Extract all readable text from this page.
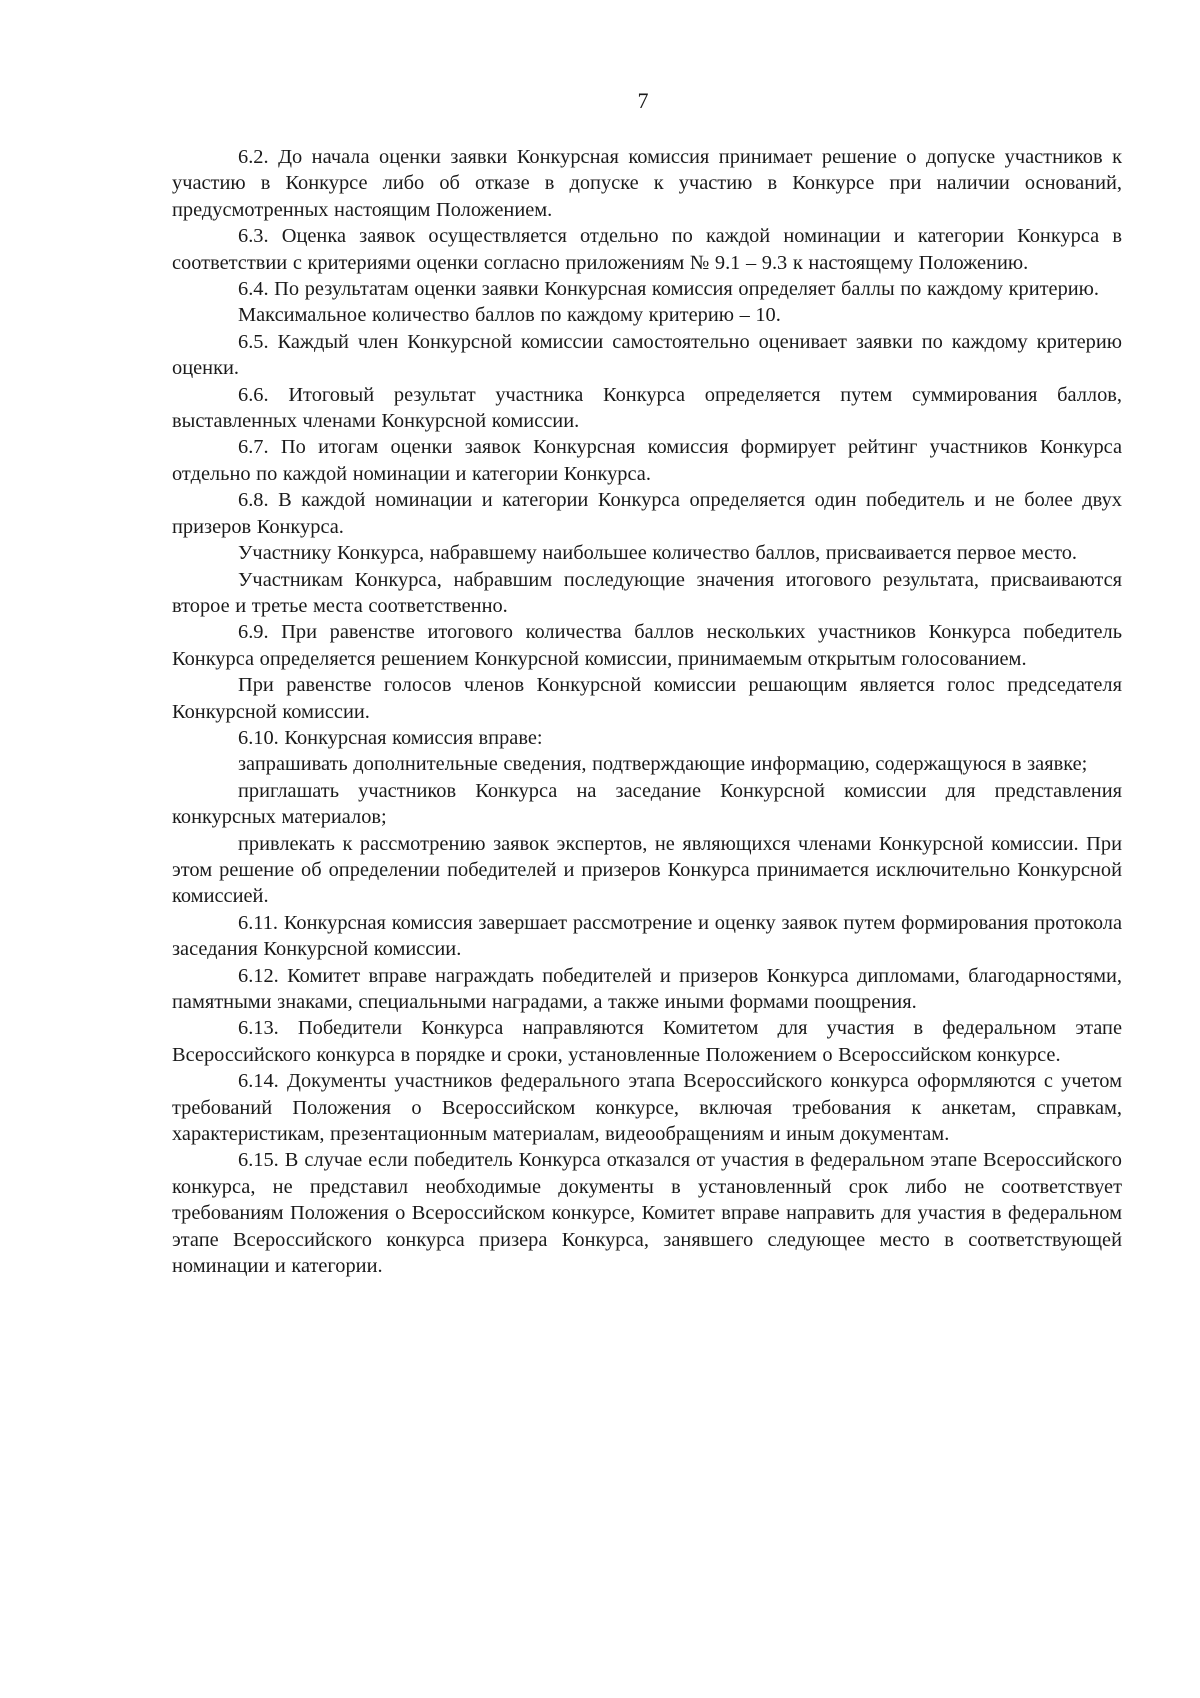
7

6.2. До начала оценки заявки Конкурсная комиссия принимает решение о допуске участников к участию в Конкурсе либо об отказе в допуске к участию в Конкурсе при наличии оснований, предусмотренных настоящим Положением.

6.3. Оценка заявок осуществляется отдельно по каждой номинации и категории Конкурса в соответствии с критериями оценки согласно приложениям № 9.1 – 9.3 к настоящему Положению.

6.4. По результатам оценки заявки Конкурсная комиссия определяет баллы по каждому критерию.

Максимальное количество баллов по каждому критерию – 10.

6.5. Каждый член Конкурсной комиссии самостоятельно оценивает заявки по каждому критерию оценки.

6.6. Итоговый результат участника Конкурса определяется путем суммирования баллов, выставленных членами Конкурсной комиссии.

6.7. По итогам оценки заявок Конкурсная комиссия формирует рейтинг участников Конкурса отдельно по каждой номинации и категории Конкурса.

6.8. В каждой номинации и категории Конкурса определяется один победитель и не более двух призеров Конкурса.

Участнику Конкурса, набравшему наибольшее количество баллов, присваивается первое место.

Участникам Конкурса, набравшим последующие значения итогового результата, присваиваются второе и третье места соответственно.

6.9. При равенстве итогового количества баллов нескольких участников Конкурса победитель Конкурса определяется решением Конкурсной комиссии, принимаемым открытым голосованием.

При равенстве голосов членов Конкурсной комиссии решающим является голос председателя Конкурсной комиссии.

6.10. Конкурсная комиссия вправе:

запрашивать дополнительные сведения, подтверждающие информацию, содержащуюся в заявке;

приглашать участников Конкурса на заседание Конкурсной комиссии для представления конкурсных материалов;

привлекать к рассмотрению заявок экспертов, не являющихся членами Конкурсной комиссии. При этом решение об определении победителей и призеров Конкурса принимается исключительно Конкурсной комиссией.

6.11. Конкурсная комиссия завершает рассмотрение и оценку заявок путем формирования протокола заседания Конкурсной комиссии.

6.12. Комитет вправе награждать победителей и призеров Конкурса дипломами, благодарностями, памятными знаками, специальными наградами, а также иными формами поощрения.

6.13. Победители Конкурса направляются Комитетом для участия в федеральном этапе Всероссийского конкурса в порядке и сроки, установленные Положением о Всероссийском конкурсе.

6.14. Документы участников федерального этапа Всероссийского конкурса оформляются с учетом требований Положения о Всероссийском конкурсе, включая требования к анкетам, справкам, характеристикам, презентационным материалам, видеообращениям и иным документам.

6.15. В случае если победитель Конкурса отказался от участия в федеральном этапе Всероссийского конкурса, не представил необходимые документы в установленный срок либо не соответствует требованиям Положения о Всероссийском конкурсе, Комитет вправе направить для участия в федеральном этапе Всероссийского конкурса призера Конкурса, занявшего следующее место в соответствующей номинации и категории.
